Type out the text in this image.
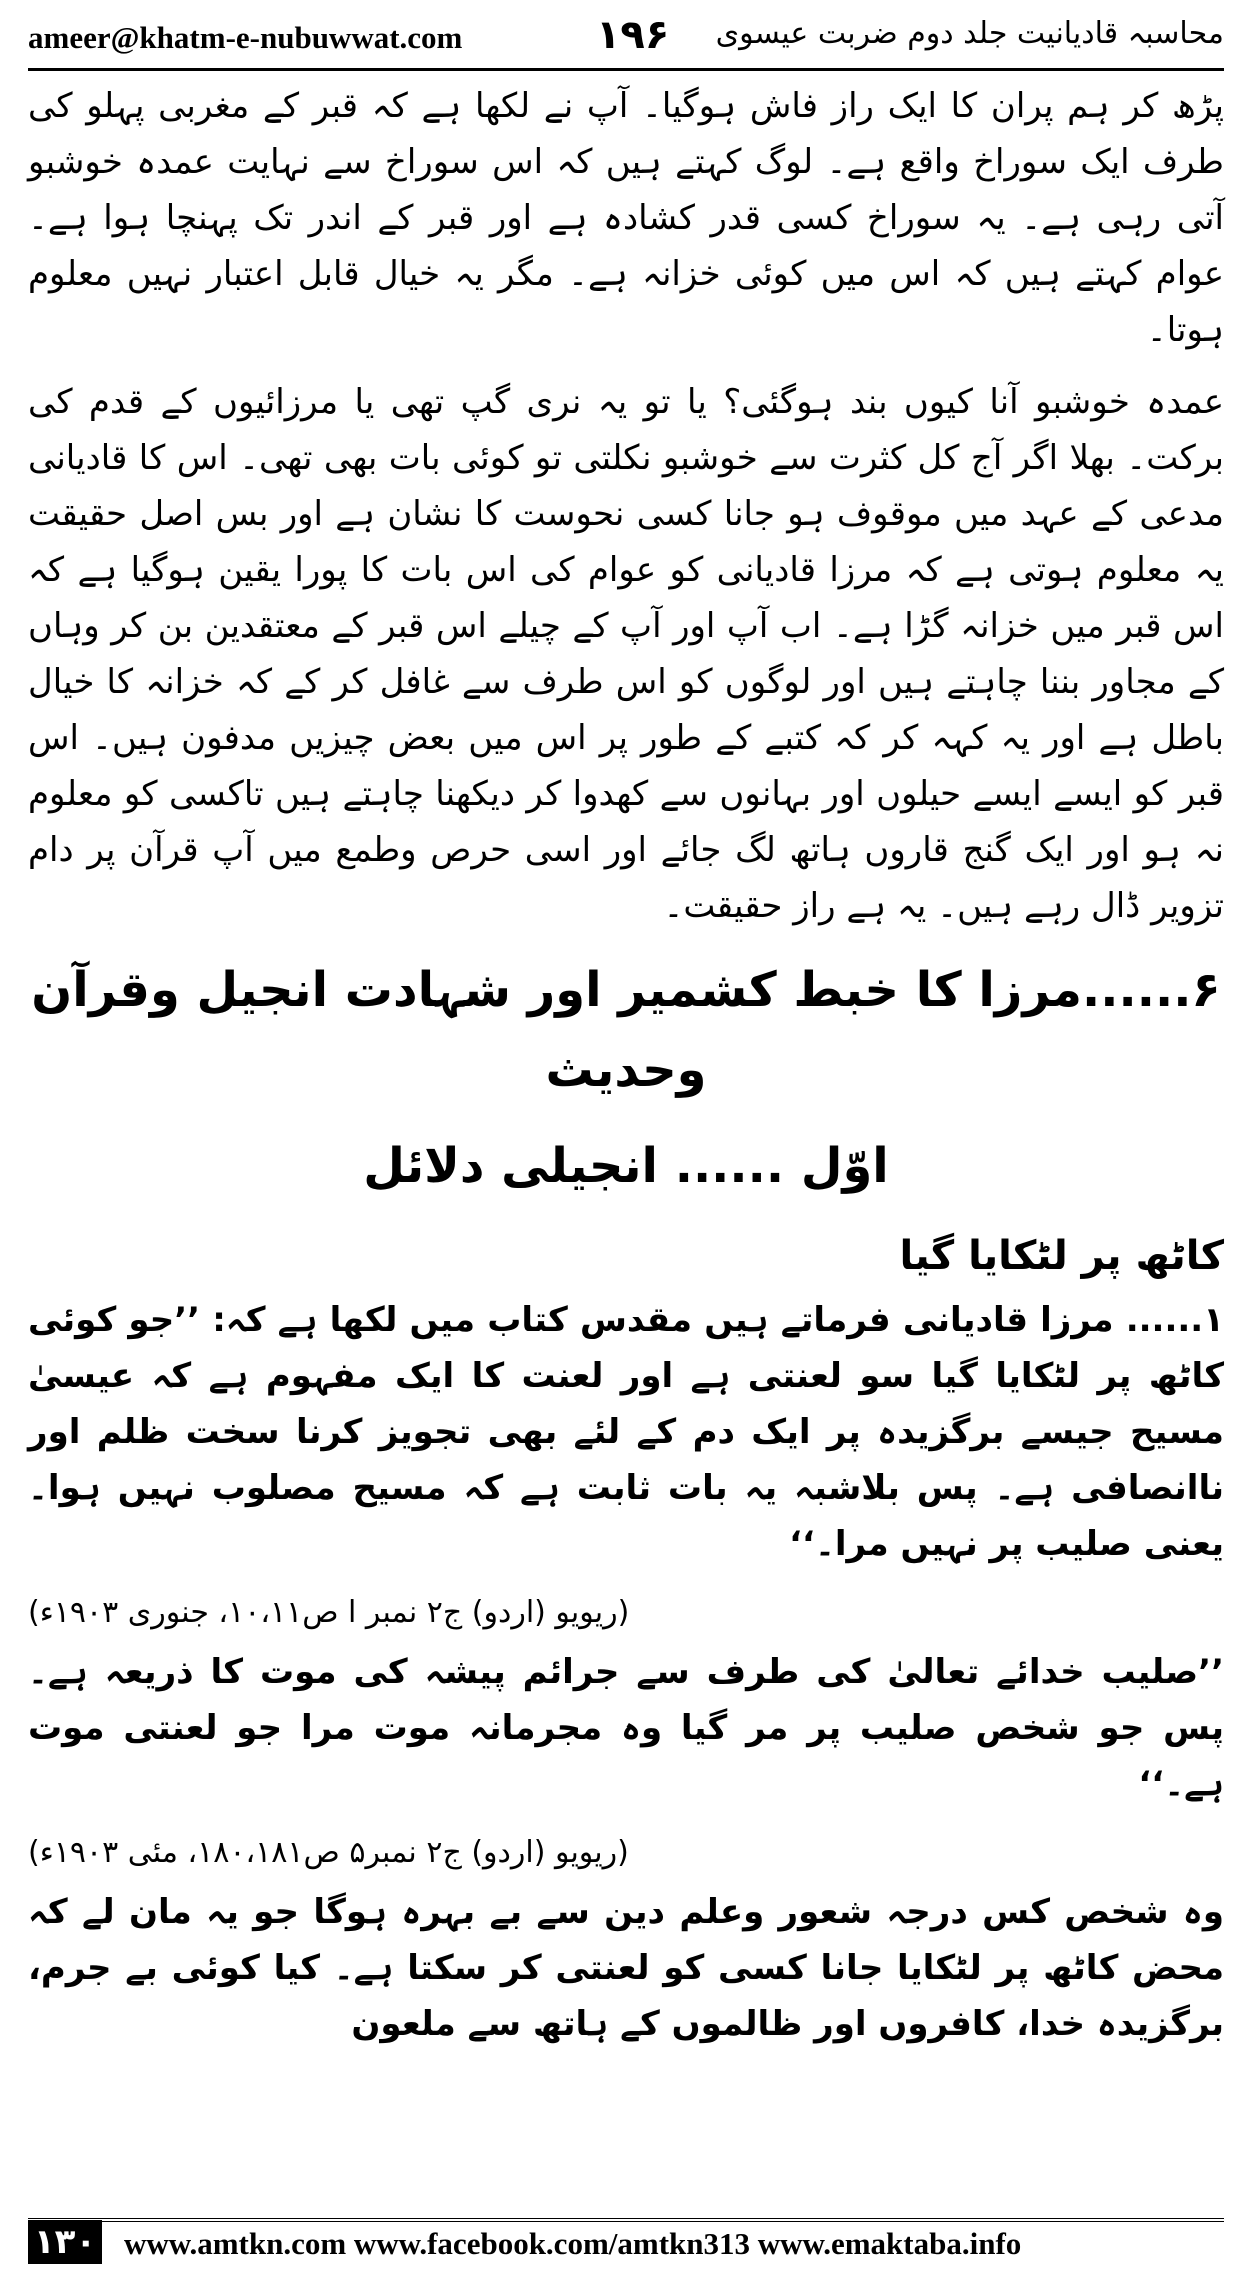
ameer@khatm-e-nubuwwat.com	۱۹۶ محاسبہ قادیانیت جلد دوم ضربت عیسوی

پڑھ کر ہم پران کا ایک راز فاش ہوگیا۔ آپ نے لکھا ہے کہ قبر کے مغربی پہلو کی طرف ایک سوراخ واقع ہے۔ لوگ کہتے ہیں کہ اس سوراخ سے نہایت عمدہ خوشبو آتی رہی ہے۔ یہ سوراخ کسی قدر کشادہ ہے اور قبر کے اندر تک پہنچا ہوا ہے۔ عوام کہتے ہیں کہ اس میں کوئی خزانہ ہے۔ مگر یہ خیال قابل اعتبار نہیں معلوم ہوتا۔

عمدہ خوشبو آنا کیوں بند ہوگئی؟ یا تو یہ نری گپ تھی یا مرزائیوں کے قدم کی برکت۔ بھلا اگر آج کل کثرت سے خوشبو نکلتی تو کوئی بات بھی تھی۔ اس کا قادیانی مدعی کے عہد میں موقوف ہو جانا کسی نحوست کا نشان ہے اور بس اصل حقیقت یہ معلوم ہوتی ہے کہ مرزا قادیانی کو عوام کی اس بات کا پورا یقین ہوگیا ہے کہ اس قبر میں خزانہ گڑا ہے۔ اب آپ اور آپ کے چیلے اس قبر کے معتقدین بن کر وہاں کے مجاور بننا چاہتے ہیں اور لوگوں کو اس طرف سے غافل کر کے کہ خزانہ کا خیال باطل ہے اور یہ کہہ کر کہ کتبے کے طور پر اس میں بعض چیزیں مدفون ہیں۔ اس قبر کو ایسے ایسے حیلوں اور بہانوں سے کھدوا کر دیکھنا چاہتے ہیں تاکسی کو معلوم نہ ہو اور ایک گنج قاروں ہاتھ لگ جائے اور اسی حرص وطمع میں آپ قرآن پر دام تزویر ڈال رہے ہیں۔ یہ ہے راز حقیقت۔

۶......مرزا کا خبط کشمیر اور شہادت انجیل وقرآن وحدیث
اوّل ...... انجیلی دلائل
کاٹھ پر لٹکایا گیا

۱...... مرزا قادیانی فرماتے ہیں مقدس کتاب میں لکھا ہے کہ: ’’جو کوئی کاٹھ پر لٹکایا گیا سو لعنتی ہے اور لعنت کا ایک مفہوم ہے کہ عیسیٰ مسیح جیسے برگزیدہ پر ایک دم کے لئے بھی تجویز کرنا سخت ظلم اور ناانصافی ہے۔ پس بلاشبہ یہ بات ثابت ہے کہ مسیح مصلوب نہیں ہوا۔ یعنی صلیب پر نہیں مرا۔‘‘

(ریویو (اردو) ج۲ نمبر ا ص۱۰،۱۱، جنوری ۱۹۰۳ء)

’’صلیب خدائے تعالیٰ کی طرف سے جرائم پیشہ کی موت کا ذریعہ ہے۔ پس جو شخص صلیب پر مر گیا وہ مجرمانہ موت مرا جو لعنتی موت ہے۔‘‘

(ریویو (اردو) ج۲ نمبر۵ ص۱۸۰،۱۸۱، مئی ۱۹۰۳ء)

وہ شخص کس درجہ شعور وعلم دین سے بے بہرہ ہوگا جو یہ مان لے کہ محض کاٹھ پر لٹکایا جانا کسی کو لعنتی کر سکتا ہے۔ کیا کوئی بے جرم، برگزیدہ خدا، کافروں اور ظالموں کے ہاتھ سے ملعون

۱۳۰ www.amtkn.com www.facebook.com/amtkn313 www.emaktaba.info
